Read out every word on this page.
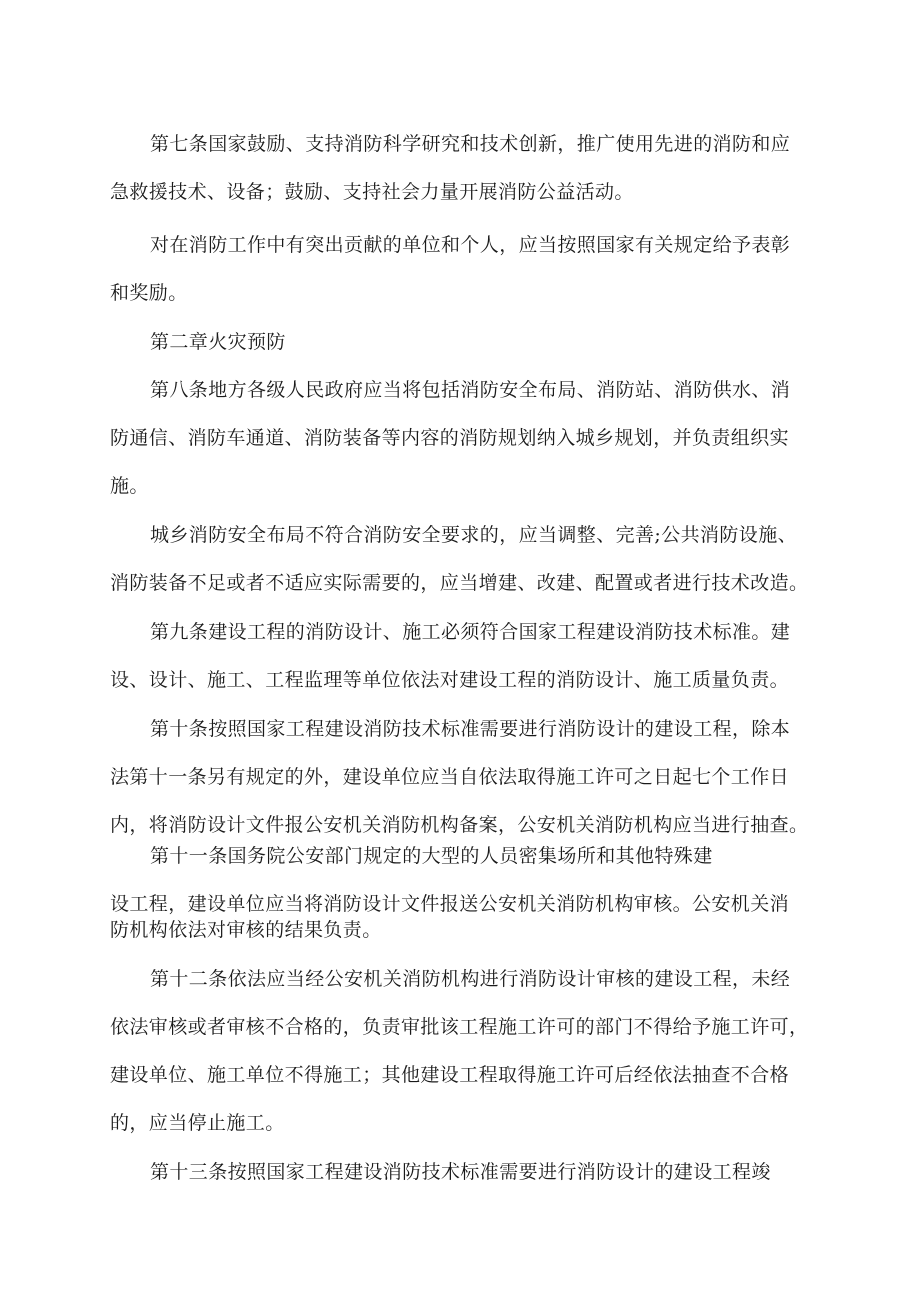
第七条国家鼓励、支持消防科学研究和技术创新，推广使用先进的消防和应
急救援技术、设备；鼓励、支持社会力量开展消防公益活动。
对在消防工作中有突出贡献的单位和个人，应当按照国家有关规定给予表彰
和奖励。
第二章火灾预防
第八条地方各级人民政府应当将包括消防安全布局、消防站、消防供水、消
防通信、消防车通道、消防装备等内容的消防规划纳入城乡规划，并负责组织实
施。
城乡消防安全布局不符合消防安全要求的，应当调整、完善;公共消防设施、
消防装备不足或者不适应实际需要的，应当增建、改建、配置或者进行技术改造。
第九条建设工程的消防设计、施工必须符合国家工程建设消防技术标准。建
设、设计、施工、工程监理等单位依法对建设工程的消防设计、施工质量负责。
第十条按照国家工程建设消防技术标准需要进行消防设计的建设工程，除本
法第十一条另有规定的外，建设单位应当自依法取得施工许可之日起七个工作日
内，将消防设计文件报公安机关消防机构备案，公安机关消防机构应当进行抽查。
第十一条国务院公安部门规定的大型的人员密集场所和其他特殊建
设工程，建设单位应当将消防设计文件报送公安机关消防机构审核。公安机关消
防机构依法对审核的结果负责。
第十二条依法应当经公安机关消防机构进行消防设计审核的建设工程，未经
依法审核或者审核不合格的，负责审批该工程施工许可的部门不得给予施工许可，
建设单位、施工单位不得施工；其他建设工程取得施工许可后经依法抽查不合格
的，应当停止施工。
第十三条按照国家工程建设消防技术标准需要进行消防设计的建设工程竣
